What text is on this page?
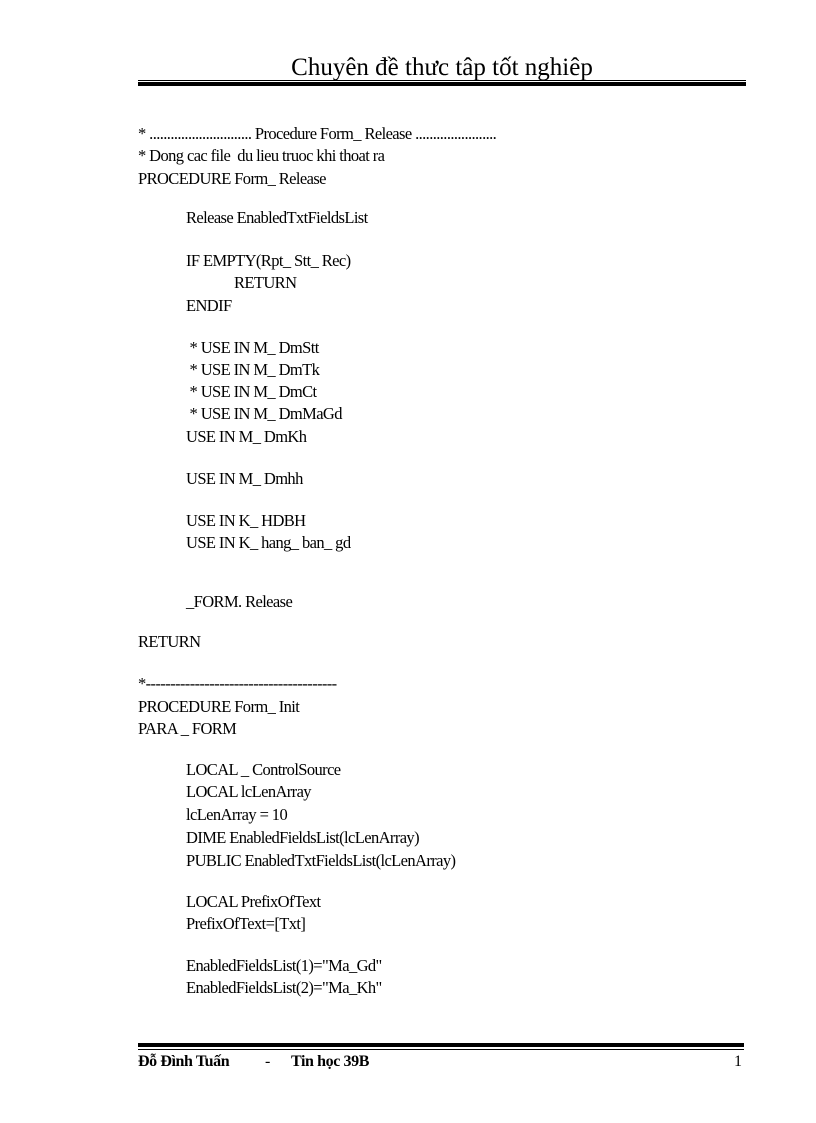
Chuyên đề thưc tâp tốt nghiêp
* ............................. Procedure Form_ Release .......................
* Dong cac file  du lieu truoc khi thoat ra
PROCEDURE Form_ Release
Release EnabledTxtFieldsList
IF EMPTY(Rpt_ Stt_ Rec)
RETURN
ENDIF
* USE IN M_ DmStt
* USE IN M_ DmTk
* USE IN M_ DmCt
* USE IN M_ DmMaGd
USE IN M_ DmKh
USE IN M_ Dmhh
USE IN K_ HDBH
USE IN K_ hang_ ban_ gd
_FORM. Release
RETURN
*---------------------------------------
PROCEDURE Form_ Init
PARA _ FORM
LOCAL _ ControlSource
LOCAL lcLenArray
lcLenArray = 10
DIME EnabledFieldsList(lcLenArray)
PUBLIC EnabledTxtFieldsList(lcLenArray)
LOCAL PrefixOfText
PrefixOfText=[Txt]
EnabledFieldsList(1)="Ma_Gd"
EnabledFieldsList(2)="Ma_Kh"
Đỗ Đình Tuấn - Tin học 39B	1
